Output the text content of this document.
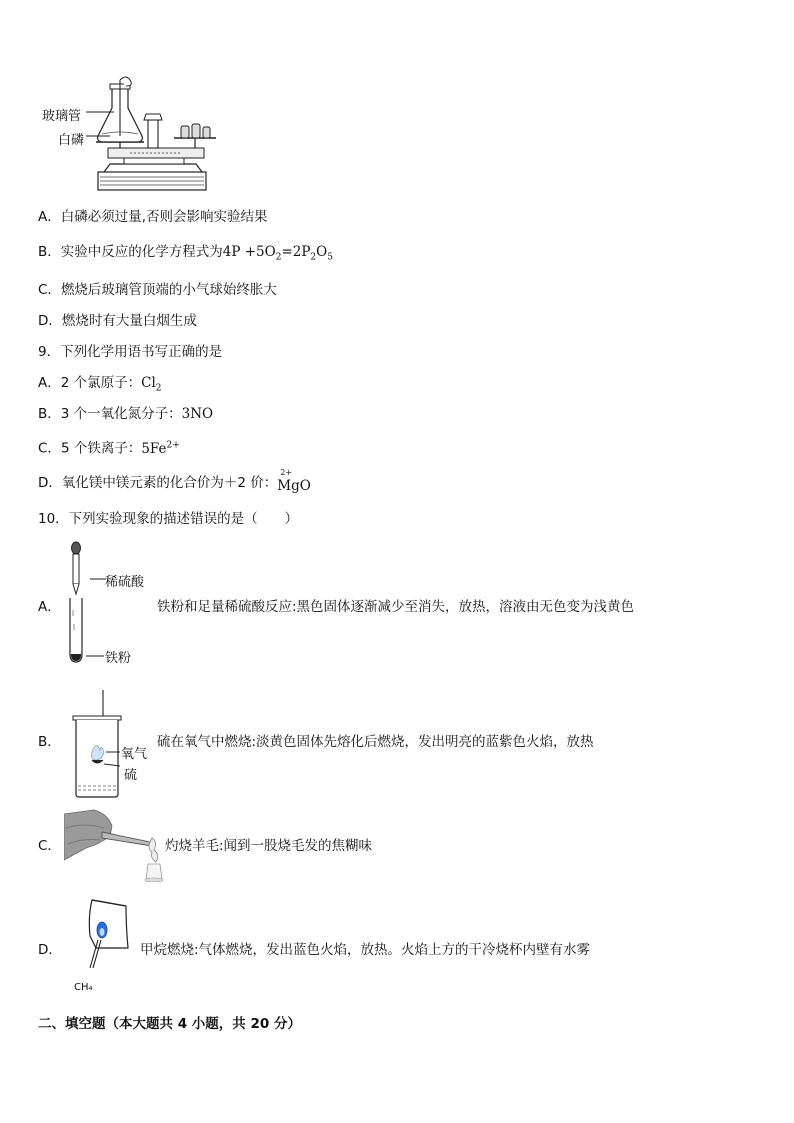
玻璃管
白磷
A．白磷必须过量,否则会影响实验结果
B．实验中反应的化学方程式为$4P +5O_2=2P_2O_5$
C．燃烧后玻璃管顶端的小气球始终胀大
D．燃烧时有大量白烟生成
9．下列化学用语书写正确的是
A．2 个氯原子：$Cl_2$
B．3 个一氧化氮分子：3NO
C．5 个铁离子：$5Fe^{2+}$
D．氧化镁中镁元素的化合价为＋2 价：
2+
MgO
10．下列实验现象的描述错误的是（　　）
稀硫酸
铁粉
A．	铁粉和足量稀硫酸反应:黑色固体逐渐减少至消失，放热，溶液由无色变为浅黄色
氧气
硫
B．	硫在氧气中燃烧:淡黄色固体先熔化后燃烧，发出明亮的蓝紫色火焰，放热
C．	灼烧羊毛:闻到一股烧毛发的焦糊味
CH₄
D．	甲烷燃烧:气体燃烧，发出蓝色火焰，放热。火焰上方的干冷烧杯内壁有水雾
二、填空题（本大题共 4 小题，共 20 分）
